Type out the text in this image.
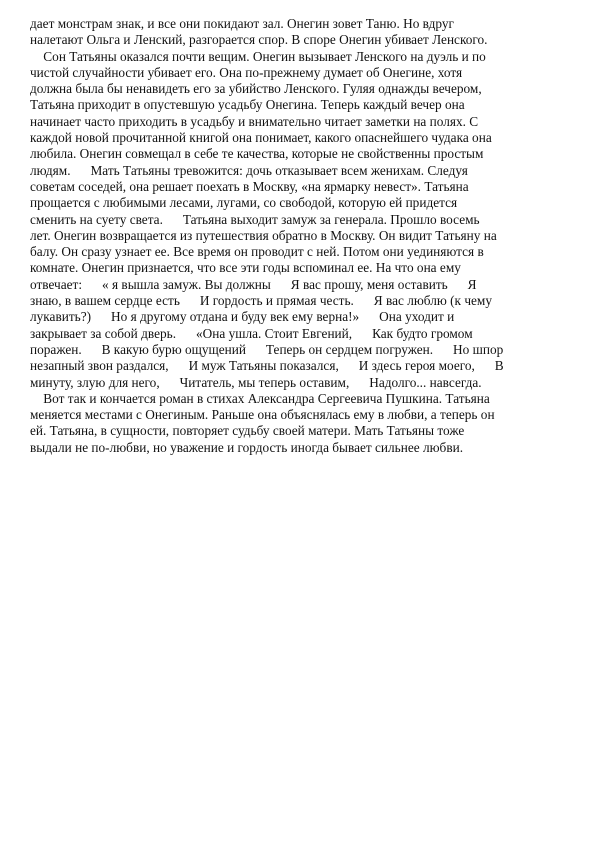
дает монстрам знак, и все они покидают зал. Онегин зовет Таню. Но вдруг
налетают Ольга и Ленский, разгорается спор. В споре Онегин убивает Ленского.
Сон Татьяны оказался почти вещим. Онегин вызывает Ленского на дуэль и по
чистой случайности убивает его. Она по-прежнему думает об Онегине, хотя
должна была бы ненавидеть его за убийство Ленского. Гуляя однажды вечером,
Татьяна приходит в опустевшую усадьбу Онегина. Теперь каждый вечер она
начинает часто приходить в усадьбу и внимательно читает заметки на полях. С
каждой новой прочитанной книгой она понимает, какого опаснейшего чудака она
любила. Онегин совмещал в себе те качества, которые не свойственны простым
людям.      Мать Татьяны тревожится: дочь отказывает всем женихам. Следуя
советам соседей, она решает поехать в Москву, «на ярмарку невест». Татьяна
прощается с любимыми лесами, лугами, со свободой, которую ей придется
сменить на суету света.      Татьяна выходит замуж за генерала. Прошло восемь
лет. Онегин возвращается из путешествия обратно в Москву. Он видит Татьяну на
балу. Он сразу узнает ее. Все время он проводит с ней. Потом они уединяются в
комнате. Онегин признается, что все эти годы вспоминал ее. На что она ему
отвечает:      « я вышла замуж. Вы должны      Я вас прошу, меня оставить      Я
знаю, в вашем сердце есть      И гордость и прямая честь.      Я вас люблю (к чему
лукавить?)      Но я другому отдана и буду век ему верна!»      Она уходит и
закрывает за собой дверь.      «Она ушла. Стоит Евгений,      Как будто громом
поражен.      В какую бурю ощущений      Теперь он сердцем погружен.      Но шпор
незапный звон раздался,      И муж Татьяны показался,      И здесь героя моего,      В
минуту, злую для него,      Читатель, мы теперь оставим,      Надолго... навсегда.
Вот так и кончается роман в стихах Александра Сергеевича Пушкина. Татьяна
меняется местами с Онегиным. Раньше она объяснялась ему в любви, а теперь он
ей. Татьяна, в сущности, повторяет судьбу своей матери. Мать Татьяны тоже
выдали не по-любви, но уважение и гордость иногда бывает сильнее любви.
